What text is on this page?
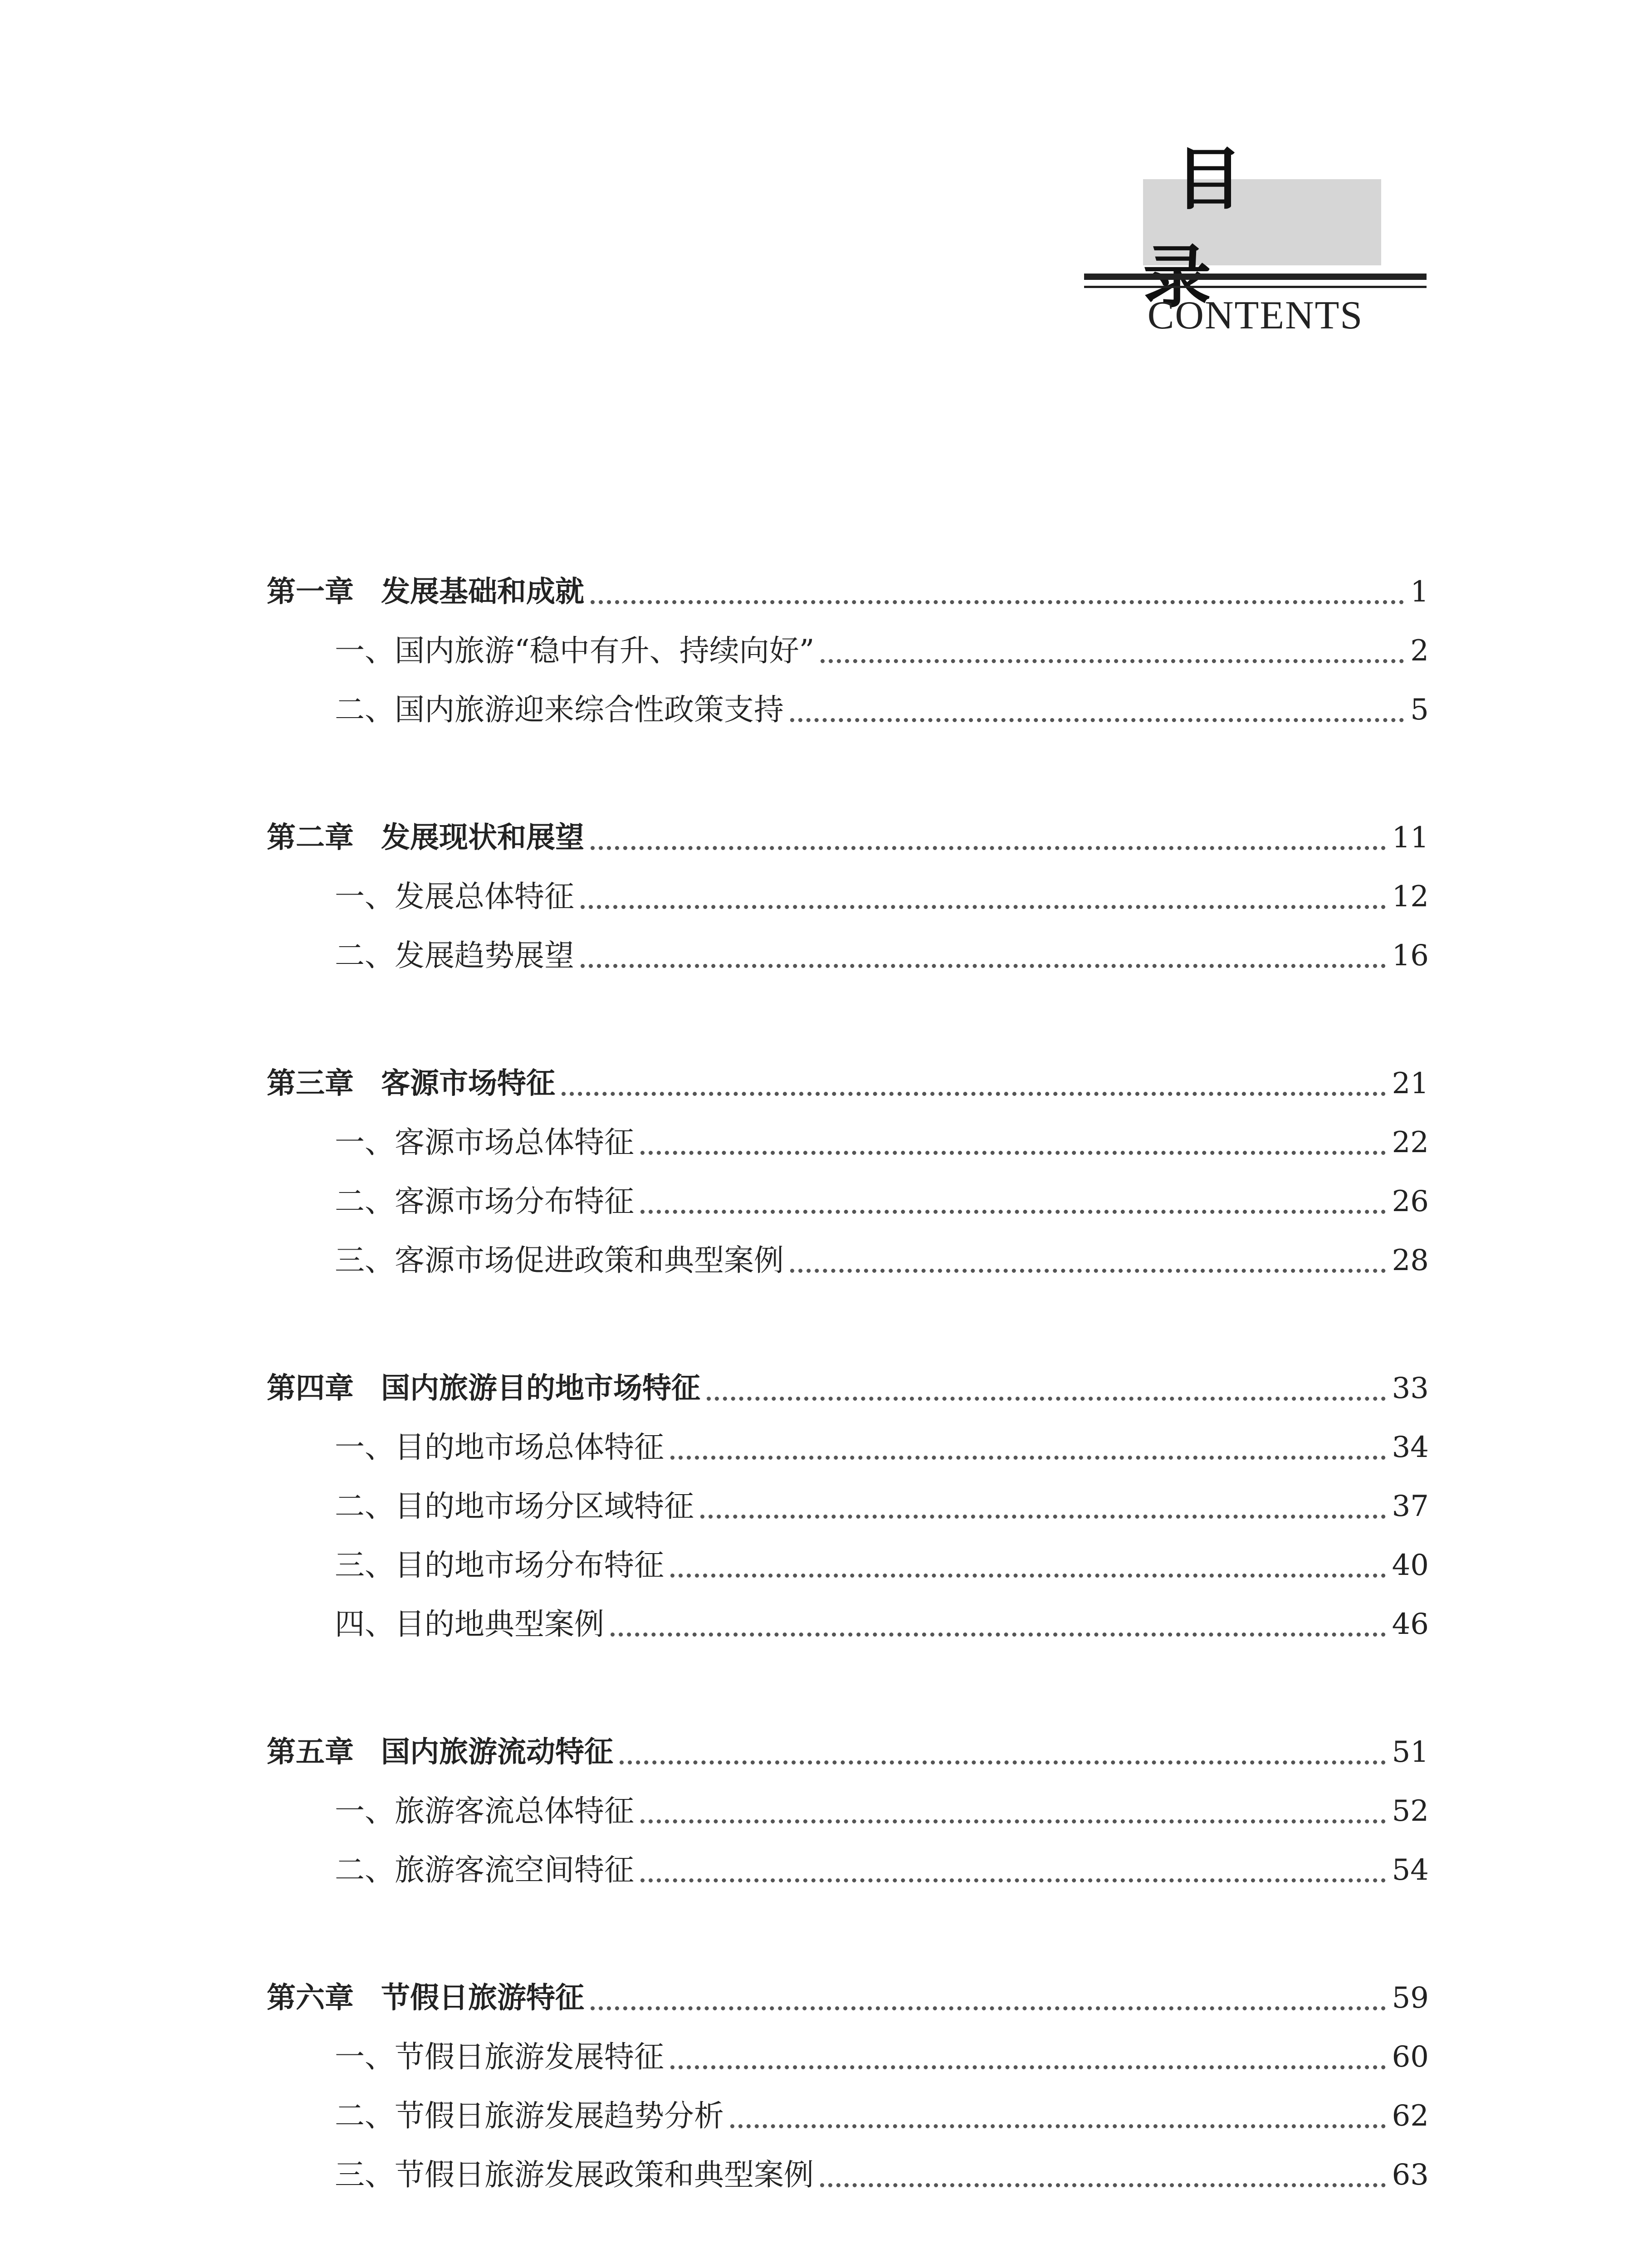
目
CONTENTS
第一章 发展基础和成就	1
一、国内旅游“稳中有升、持续向好”	2
二、国内旅游迎来综合性政策支持	5
第二章 发展现状和展望	11
一、发展总体特征	12
二、发展趋势展望	16
第三章 客源市场特征	21
一、客源市场总体特征	22
二、客源市场分布特征	26
三、客源市场促进政策和典型案例	28
第四章 国内旅游目的地市场特征	33
一、目的地市场总体特征	34
二、目的地市场分区域特征	37
三、目的地市场分布特征	40
四、目的地典型案例	46
第五章 国内旅游流动特征	51
一、旅游客流总体特征	52
二、旅游客流空间特征	54
第六章 节假日旅游特征	59
一、节假日旅游发展特征	60
二、节假日旅游发展趋势分析	62
三、节假日旅游发展政策和典型案例	63
